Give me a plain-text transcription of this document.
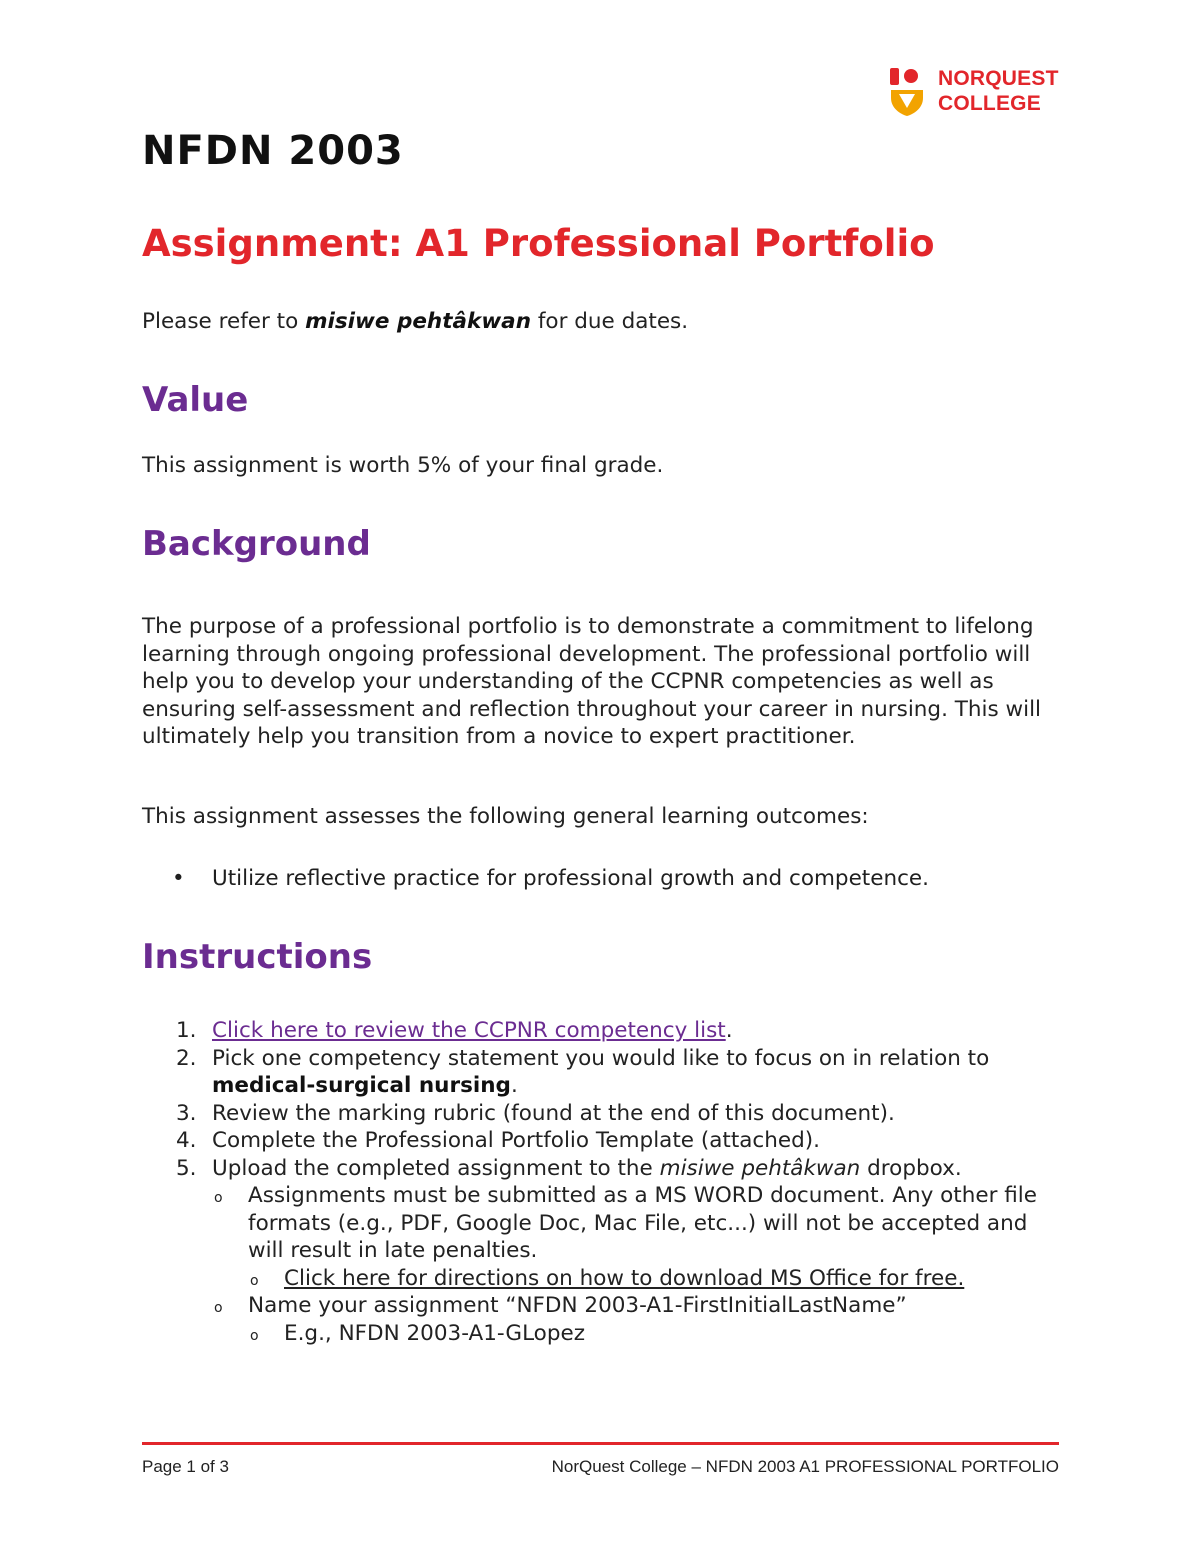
NORQUEST
COLLEGE
NFDN 2003
Assignment: A1 Professional Portfolio

Please refer to misiwe pehtâkwan for due dates.

Value

This assignment is worth 5% of your final grade.

Background

The purpose of a professional portfolio is to demonstrate a commitment to lifelong learning through ongoing professional development. The professional portfolio will help you to develop your understanding of the CCPNR competencies as well as ensuring self-assessment and reflection throughout your career in nursing. This will ultimately help you transition from a novice to expert practitioner.

This assignment assesses the following general learning outcomes:

• Utilize reflective practice for professional growth and competence.
Instructions
1. Click here to review the CCPNR competency list.
2. Pick one competency statement you would like to focus on in relation to medical-surgical nursing.
3. Review the marking rubric (found at the end of this document).
4. Complete the Professional Portfolio Template (attached).
5. Upload the completed assignment to the misiwe pehtâkwan dropbox.
o Assignments must be submitted as a MS WORD document. Any other file formats (e.g., PDF, Google Doc, Mac File, etc...) will not be accepted and will result in late penalties.
o Click here for directions on how to download MS Office for free.
o Name your assignment “NFDN 2003-A1-FirstInitialLastName”
o E.g., NFDN 2003-A1-GLopez
Page 1 of 3	NorQuest College – NFDN 2003 A1 PROFESSIONAL PORTFOLIO
